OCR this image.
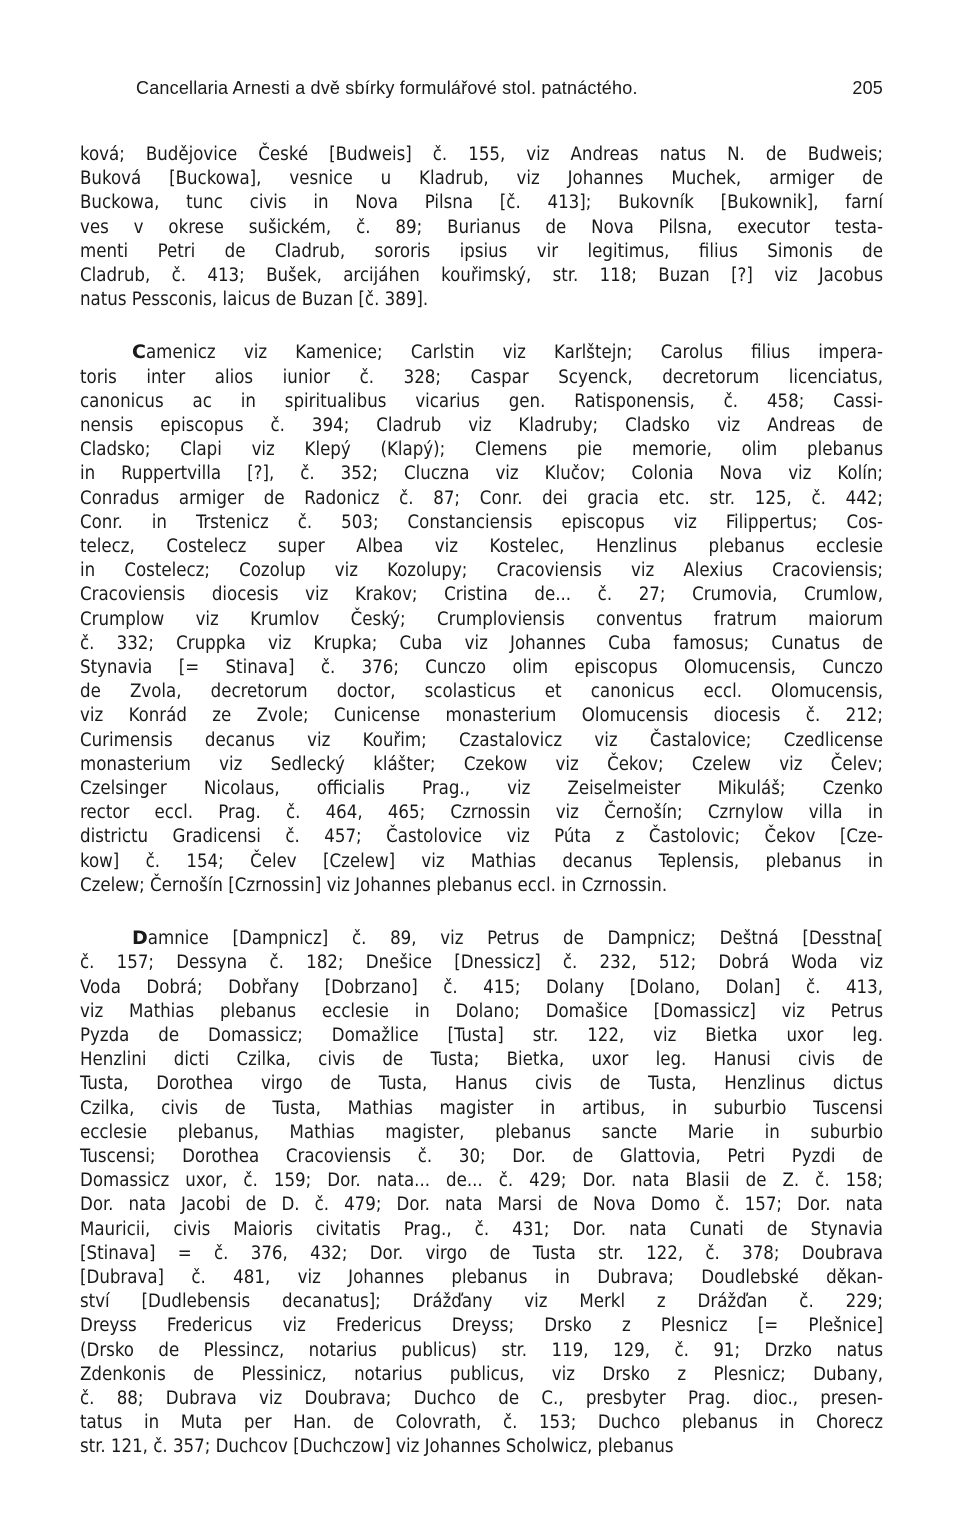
Cancellaria Arnesti a dvě sbírky formulářové stol. patnáctého.	205
ková; Budějovice České [Budweis] č. 155, viz Andreas natus N. de Budweis;
Buková [Buckowa], vesnice u Kladrub, viz Johannes Muchek, armiger de
Buckowa, tunc civis in Nova Pilsna [č. 413]; Bukovník [Bukownik], farní
ves v okrese sušickém, č. 89; Burianus de Nova Pilsna, executor testa-
menti Petri de Cladrub, sororis ipsius vir legitimus, filius Simonis de
Cladrub, č. 413; Bušek, arcijáhen kouřimský, str. 118; Buzan [?] viz Jacobus
natus Pessconis, laicus de Buzan [č. 389].
Camenicz viz Kamenice; Carlstin viz Karlštejn; Carolus filius impera-
toris inter alios iunior č. 328; Caspar Scyenck, decretorum licenciatus,
canonicus ac in spiritualibus vicarius gen. Ratisponensis, č. 458; Cassi-
nensis episcopus č. 394; Cladrub viz Kladruby; Cladsko viz Andreas de
Cladsko; Clapi viz Klepý (Klapý); Clemens pie memorie, olim plebanus
in Ruppertvilla [?], č. 352; Cluczna viz Klučov; Colonia Nova viz Kolín;
Conradus armiger de Radonicz č. 87; Conr. dei gracia etc. str. 125, č. 442;
Conr. in Trstenicz č. 503; Constanciensis episcopus viz Filippertus; Cos-
telecz, Costelecz super Albea viz Kostelec, Henzlinus plebanus ecclesie
in Costelecz; Cozolup viz Kozolupy; Cracoviensis viz Alexius Cracoviensis;
Cracoviensis diocesis viz Krakov; Cristina de... č. 27; Crumovia, Crumlow,
Crumplow viz Krumlov Český; Crumploviensis conventus fratrum maiorum
č. 332; Cruppka viz Krupka; Cuba viz Johannes Cuba famosus; Cunatus de
Stynavia [= Stinava] č. 376; Cunczo olim episcopus Olomucensis, Cunczo
de Zvola, decretorum doctor, scolasticus et canonicus eccl. Olomucensis,
viz Konrád ze Zvole; Cunicense monasterium Olomucensis diocesis č. 212;
Curimensis decanus viz Kouřim; Czastalovicz viz Častalovice; Czedlicense
monasterium viz Sedlecký klášter; Czekow viz Čekov; Czelew viz Čelev;
Czelsinger Nicolaus, officialis Prag., viz Zeiselmeister Mikuláš; Czenko
rector eccl. Prag. č. 464, 465; Czrnossin viz Černošín; Czrnylow villa in
districtu Gradicensi č. 457; Častolovice viz Púta z Častolovic; Čekov [Cze-
kow] č. 154; Čelev [Czelew] viz Mathias decanus Teplensis, plebanus in
Czelew; Černošín [Czrnossin] viz Johannes plebanus eccl. in Czrnossin.
Damnice [Dampnicz] č. 89, viz Petrus de Dampnicz; Deštná [Desstna[
č. 157; Dessyna č. 182; Dnešice [Dnessicz] č. 232, 512; Dobrá Woda viz
Voda Dobrá; Dobřany [Dobrzano] č. 415; Dolany [Dolano, Dolan] č. 413,
viz Mathias plebanus ecclesie in Dolano; Domašice [Domassicz] viz Petrus
Pyzda de Domassicz; Domažlice [Tusta] str. 122, viz Bietka uxor leg.
Henzlini dicti Czilka, civis de Tusta; Bietka, uxor leg. Hanusi civis de
Tusta, Dorothea virgo de Tusta, Hanus civis de Tusta, Henzlinus dictus
Czilka, civis de Tusta, Mathias magister in artibus, in suburbio Tuscensi
ecclesie plebanus, Mathias magister, plebanus sancte Marie in suburbio
Tuscensi; Dorothea Cracoviensis č. 30; Dor. de Glattovia, Petri Pyzdi de
Domassicz uxor, č. 159; Dor. nata... de... č. 429; Dor. nata Blasii de Z. č. 158;
Dor. nata Jacobi de D. č. 479; Dor. nata Marsi de Nova Domo č. 157; Dor. nata
Mauricii, civis Maioris civitatis Prag., č. 431; Dor. nata Cunati de Stynavia
[Stinava] = č. 376, 432; Dor. virgo de Tusta str. 122, č. 378; Doubrava
[Dubrava] č. 481, viz Johannes plebanus in Dubrava; Doudlebské děkan-
ství [Dudlebensis decanatus]; Drážďany viz Merkl z Drážďan č. 229;
Dreyss Fredericus viz Fredericus Dreyss; Drsko z Plesnicz [= Plešnice]
(Drsko de Plessincz, notarius publicus) str. 119, 129, č. 91; Drzko natus
Zdenkonis de Plessinicz, notarius publicus, viz Drsko z Plesnicz; Dubany,
č. 88; Dubrava viz Doubrava; Duchco de C., presbyter Prag. dioc., presen-
tatus in Muta per Han. de Colovrath, č. 153; Duchco plebanus in Chorecz
str. 121, č. 357; Duchcov [Duchczow] viz Johannes Scholwicz, plebanus
